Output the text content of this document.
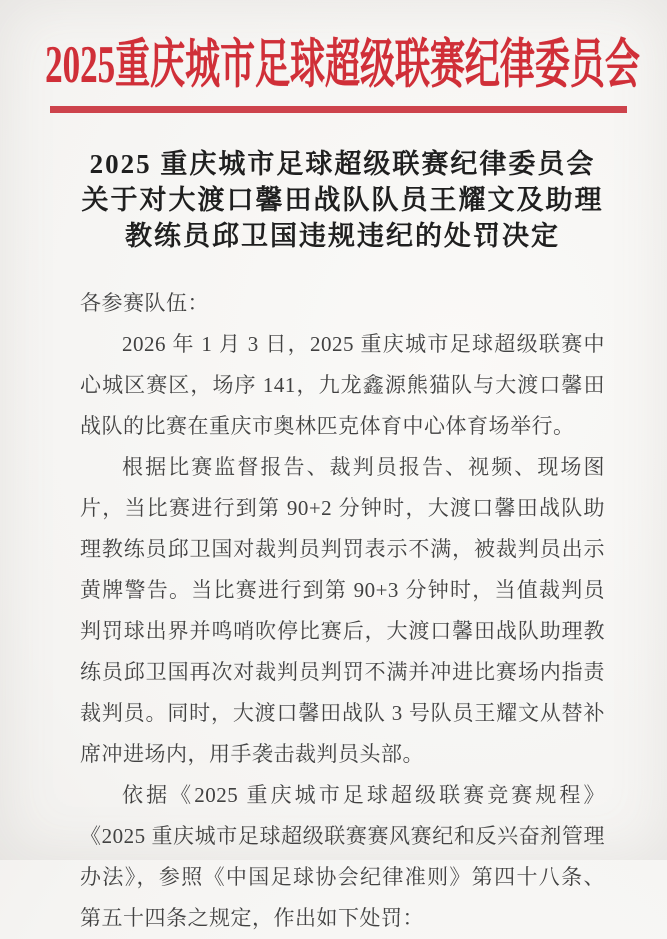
2025重庆城市足球超级联赛纪律委员会
2025 重庆城市足球超级联赛纪律委员会
关于对大渡口馨田战队队员王耀文及助理
教练员邱卫国违规违纪的处罚决定

各参赛队伍：

2026 年 1 月 3 日，2025 重庆城市足球超级联赛中心城区赛区，场序 141，九龙鑫源熊猫队与大渡口馨田战队的比赛在重庆市奥林匹克体育中心体育场举行。

根据比赛监督报告、裁判员报告、视频、现场图片，当比赛进行到第 90+2 分钟时，大渡口馨田战队助理教练员邱卫国对裁判员判罚表示不满，被裁判员出示黄牌警告。当比赛进行到第 90+3 分钟时，当值裁判员判罚球出界并鸣哨吹停比赛后，大渡口馨田战队助理教练员邱卫国再次对裁判员判罚不满并冲进比赛场内指责裁判员。同时，大渡口馨田战队 3 号队员王耀文从替补席冲进场内，用手袭击裁判员头部。

依据《2025 重庆城市足球超级联赛竞赛规程》《2025 重庆城市足球超级联赛赛风赛纪和反兴奋剂管理办法》，参照《中国足球协会纪律准则》第四十八条、第五十四条之规定，作出如下处罚：
